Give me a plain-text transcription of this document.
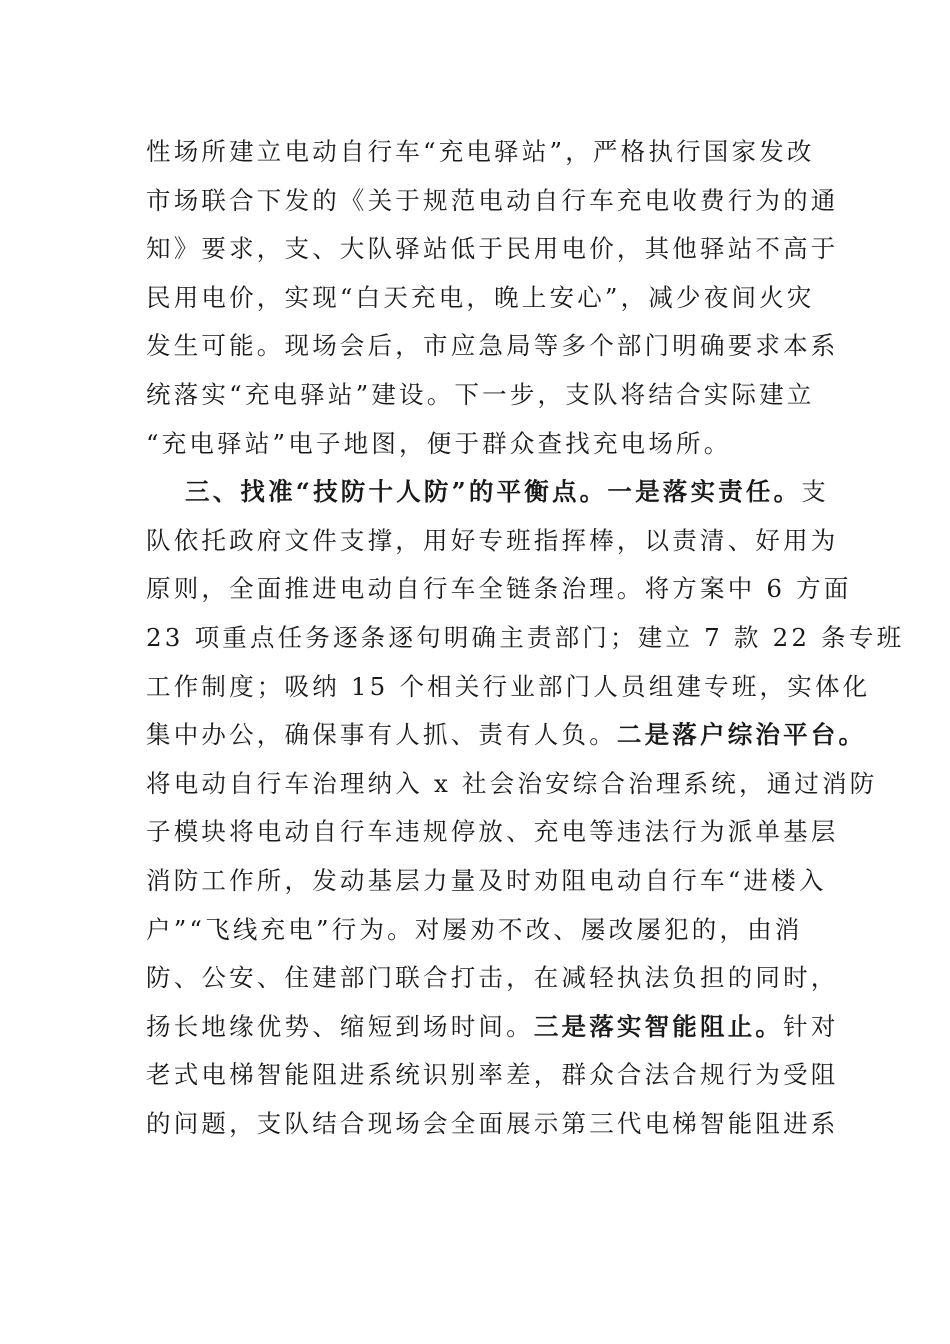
性场所建立电动自行车“充电驿站”，严格执行国家发改
市场联合下发的《关于规范电动自行车充电收费行为的通
知》要求，支、大队驿站低于民用电价，其他驿站不高于
民用电价，实现“白天充电，晚上安心”，减少夜间火灾
发生可能。现场会后，市应急局等多个部门明确要求本系
统落实“充电驿站”建设。下一步，支队将结合实际建立
“充电驿站”电子地图，便于群众查找充电场所。
三、找准“技防十人防”的平衡点。一是落实责任。支
队依托政府文件支撑，用好专班指挥棒，以责清、好用为
原则，全面推进电动自行车全链条治理。将方案中 6 方面
23 项重点任务逐条逐句明确主责部门；建立 7 款 22 条专班
工作制度；吸纳 15 个相关行业部门人员组建专班，实体化
集中办公，确保事有人抓、责有人负。二是落户综治平台。
将电动自行车治理纳入 x 社会治安综合治理系统，通过消防
子模块将电动自行车违规停放、充电等违法行为派单基层
消防工作所，发动基层力量及时劝阻电动自行车“进楼入
户”“飞线充电”行为。对屡劝不改、屡改屡犯的，由消
防、公安、住建部门联合打击，在减轻执法负担的同时，
扬长地缘优势、缩短到场时间。三是落实智能阻止。针对
老式电梯智能阻进系统识别率差，群众合法合规行为受阻
的问题，支队结合现场会全面展示第三代电梯智能阻进系
